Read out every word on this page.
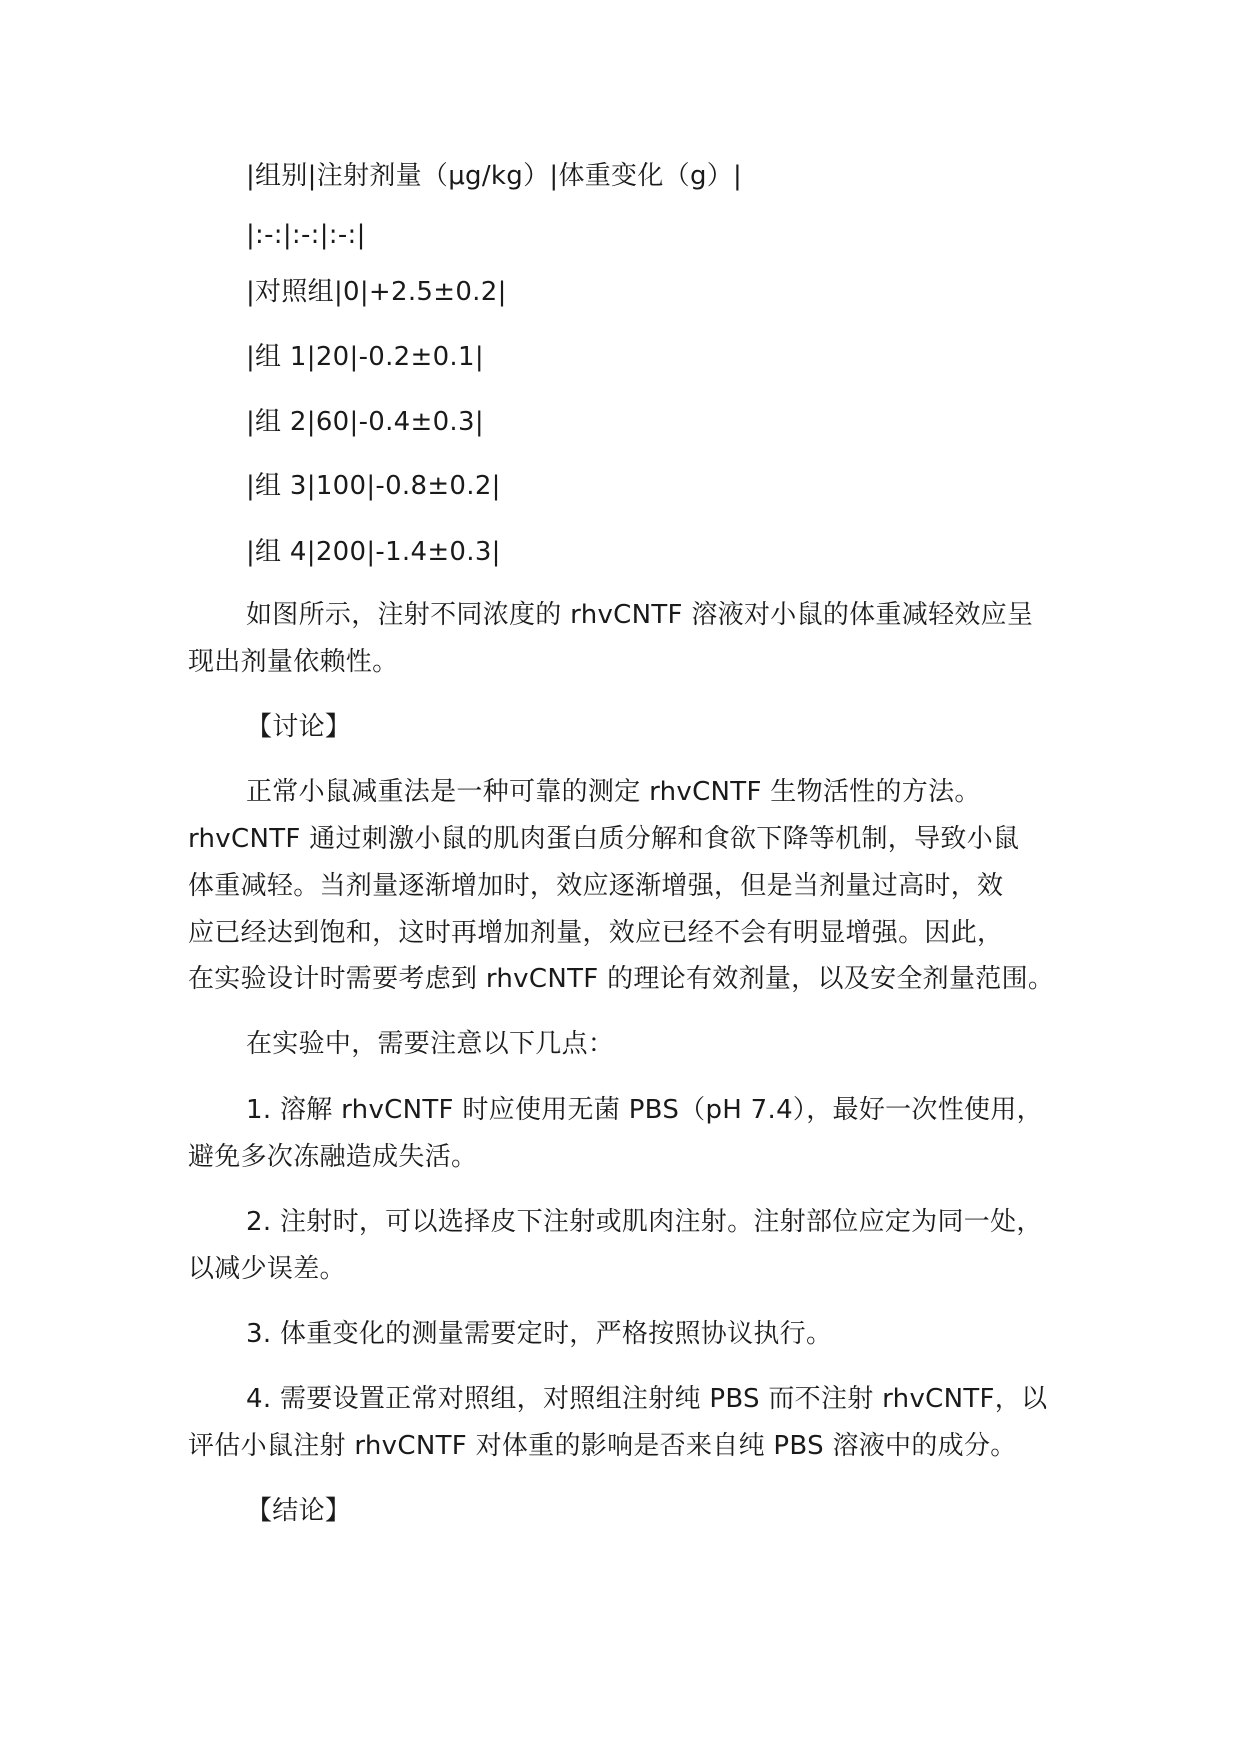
|组别|注射剂量（μg/kg）|体重变化（g）|
|:-:|:-:|:-:|
|对照组|0|+2.5±0.2|
|组 1|20|-0.2±0.1|
|组 2|60|-0.4±0.3|
|组 3|100|-0.8±0.2|
|组 4|200|-1.4±0.3|
如图所示，注射不同浓度的 rhvCNTF 溶液对小鼠的体重减轻效应呈
现出剂量依赖性。
【讨论】
正常小鼠减重法是一种可靠的测定 rhvCNTF 生物活性的方法。
rhvCNTF 通过刺激小鼠的肌肉蛋白质分解和食欲下降等机制，导致小鼠
体重减轻。当剂量逐渐增加时，效应逐渐增强，但是当剂量过高时，效
应已经达到饱和，这时再增加剂量，效应已经不会有明显增强。因此，
在实验设计时需要考虑到 rhvCNTF 的理论有效剂量，以及安全剂量范围。
在实验中，需要注意以下几点：
1. 溶解 rhvCNTF 时应使用无菌 PBS（pH 7.4），最好一次性使用，
避免多次冻融造成失活。
2. 注射时，可以选择皮下注射或肌肉注射。注射部位应定为同一处，
以减少误差。
3. 体重变化的测量需要定时，严格按照协议执行。
4. 需要设置正常对照组，对照组注射纯 PBS 而不注射 rhvCNTF，以
评估小鼠注射 rhvCNTF 对体重的影响是否来自纯 PBS 溶液中的成分。
【结论】
